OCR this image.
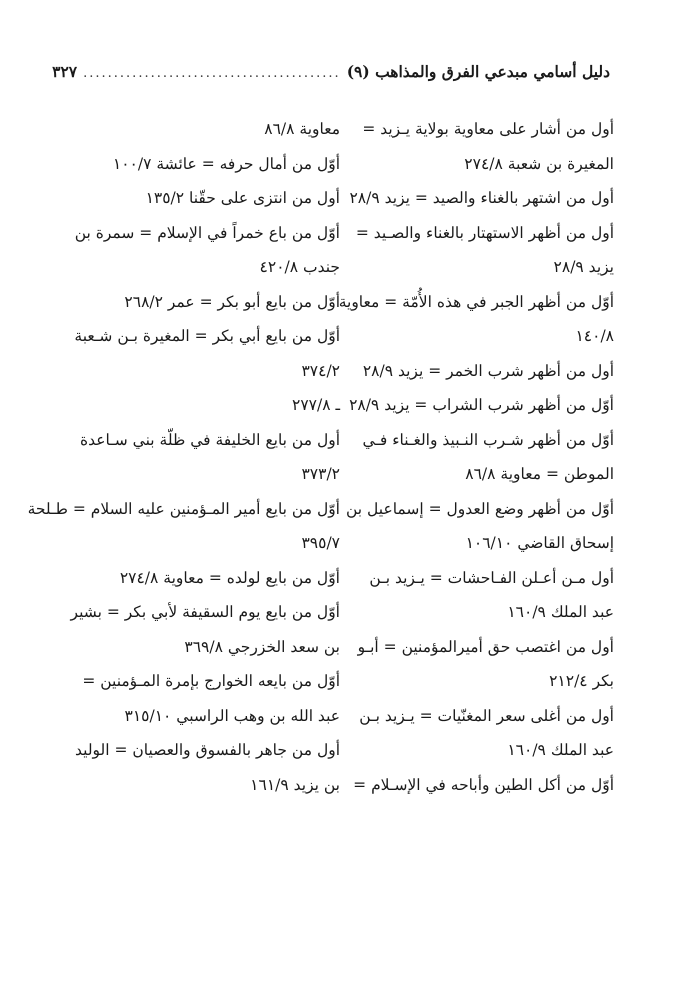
دليل أسامي مبدعي الفرق والمذاهب (٩)
..........................................
٣٢٧
أول من أشار على معاوية بولاية يـزيد =
المغيرة بن شعبة ٢٧٤/٨
أول من اشتهر بالغناء والصيد = يزيد ٢٨/٩
أول من أظهر الاستهتار بالغناء والصـيد =
يزيد ٢٨/٩
أوّل من أظهر الجبر في هذه الأُمّة = معاوية
١٤٠/٨
أول من أظهر شرب الخمر = يزيد ٢٨/٩
أوّل من أظهر شرب الشراب = يزيد ٢٨/٩
أوّل من أظهر شـرب النـبيذ والغـناء فـي
الموطن = معاوية ٨٦/٨
أوّل من أظهر وضع العدول = إسماعيل بن
إسحاق القاضي ١٠٦/١٠
أول مـن أعـلن الفـاحشات = يـزيد بـن
عبد الملك ١٦٠/٩
أول من اغتصب حق أميرالمؤمنين = أبـو
بكر ٢١٢/٤
أول من أغلى سعر المغنّيات = يـزيد بـن
عبد الملك ١٦٠/٩
أوّل من أكل الطين وأباحه في الإسـلام =
معاوية ٨٦/٨
أوّل من أمال حرفه = عائشة ١٠٠/٧
أول من انتزى على حقّنا ١٣٥/٢
أوّل من باع خمراً في الإسلام = سمرة بن
جندب ٤٢٠/٨
أوّل من بايع أبو بكر = عمر ٢٦٨/٢
أوّل من بايع أبي بكر = المغيرة بـن شـعبة
٣٧٤/٢
ـ ٢٧٧/٨
أول من بايع الخليفة في ظلّة بني سـاعدة
٣٧٣/٢
أوّل من بايع أمير المـؤمنين عليه السلام = طـلحة
٣٩٥/٧
أوّل من بايع لولده = معاوية ٢٧٤/٨
أوّل من بايع يوم السقيفة لأبي بكر = بشير
بن سعد الخزرجي ٣٦٩/٨
أوّل من بايعه الخوارج بإمرة المـؤمنين =
عبد الله بن وهب الراسبي ٣١٥/١٠
أول من جاهر بالفسوق والعصيان = الوليد
بن يزيد ١٦١/٩
